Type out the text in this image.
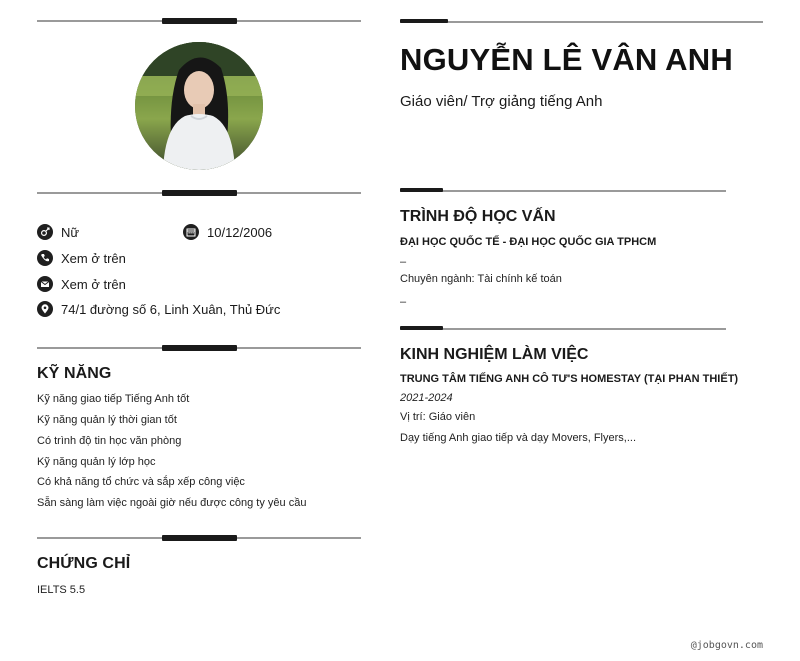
Nữ	10/12/2006
Xem ở trên
Xem ở trên
74/1 đường số 6, Linh Xuân, Thủ Đức
KỸ NĂNG
Kỹ năng giao tiếp Tiếng Anh tốt
Kỹ năng quản lý thời gian tốt
Có trình độ tin học văn phòng
Kỹ năng quản lý lớp học
Có khả năng tổ chức và sắp xếp công việc
Sẵn sàng làm việc ngoài giờ nếu được công ty yêu cầu
CHỨNG CHỈ
IELTS 5.5
NGUYỄN LÊ VÂN ANH
Giáo viên/ Trợ giảng tiếng Anh
TRÌNH ĐỘ HỌC VẤN
ĐẠI HỌC QUỐC TẾ - ĐẠI HỌC QUỐC GIA TPHCM
–
Chuyên ngành: Tài chính kế toán
–
KINH NGHIỆM LÀM VIỆC
TRUNG TÂM TIẾNG ANH CÔ TƯ'S HOMESTAY (TẠI PHAN THIẾT)
2021-2024
Vị trí: Giáo viên
Dạy tiếng Anh giao tiếp và dạy Movers, Flyers,...
@jobgovn.com
